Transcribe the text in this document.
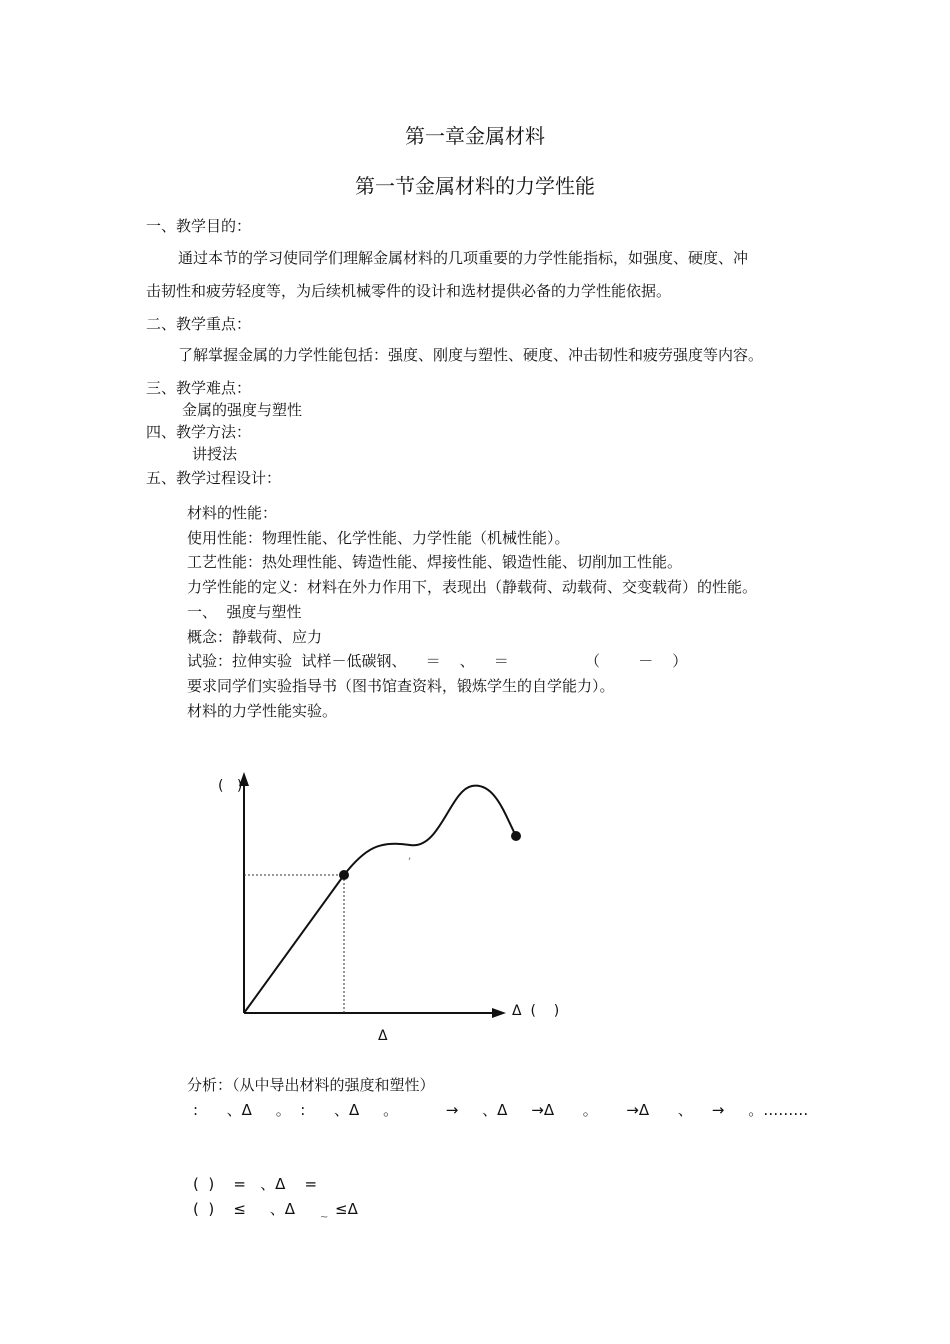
第一章金属材料
第一节金属材料的力学性能
一、教学目的：
通过本节的学习使同学们理解金属材料的几项重要的力学性能指标，如强度、硬度、冲
击韧性和疲劳轻度等，为后续机械零件的设计和选材提供必备的力学性能依据。
二、教学重点：
了解掌握金属的力学性能包括：强度、刚度与塑性、硬度、冲击韧性和疲劳强度等内容。
三、教学难点：
金属的强度与塑性
四、教学方法：
讲授法
五、教学过程设计：
材料的性能：
使用性能：物理性能、化学性能、力学性能（机械性能）。
工艺性能：热处理性能、铸造性能、焊接性能、锻造性能、切削加工性能。
力学性能的定义：材料在外力作用下，表现出（静载荷、动载荷、交变载荷）的性能。
一、  强度与塑性
概念：静载荷、应力
试验：拉伸实验  试样－低碳钢、    ＝    、    ＝                （        －    ）
要求同学们实验指导书（图书馆查资料，锻炼学生的自学能力）。
材料的力学性能实验。
(   )
Δ  (    )
Δ
,
分析：（从中导出材料的强度和塑性）
:      、Δ     。  :      、Δ     。          →     、Δ     →Δ      。      →Δ      、    →     。………
(  )    =   、Δ    =
(  )    ≤     、Δ	~ ≤Δ
